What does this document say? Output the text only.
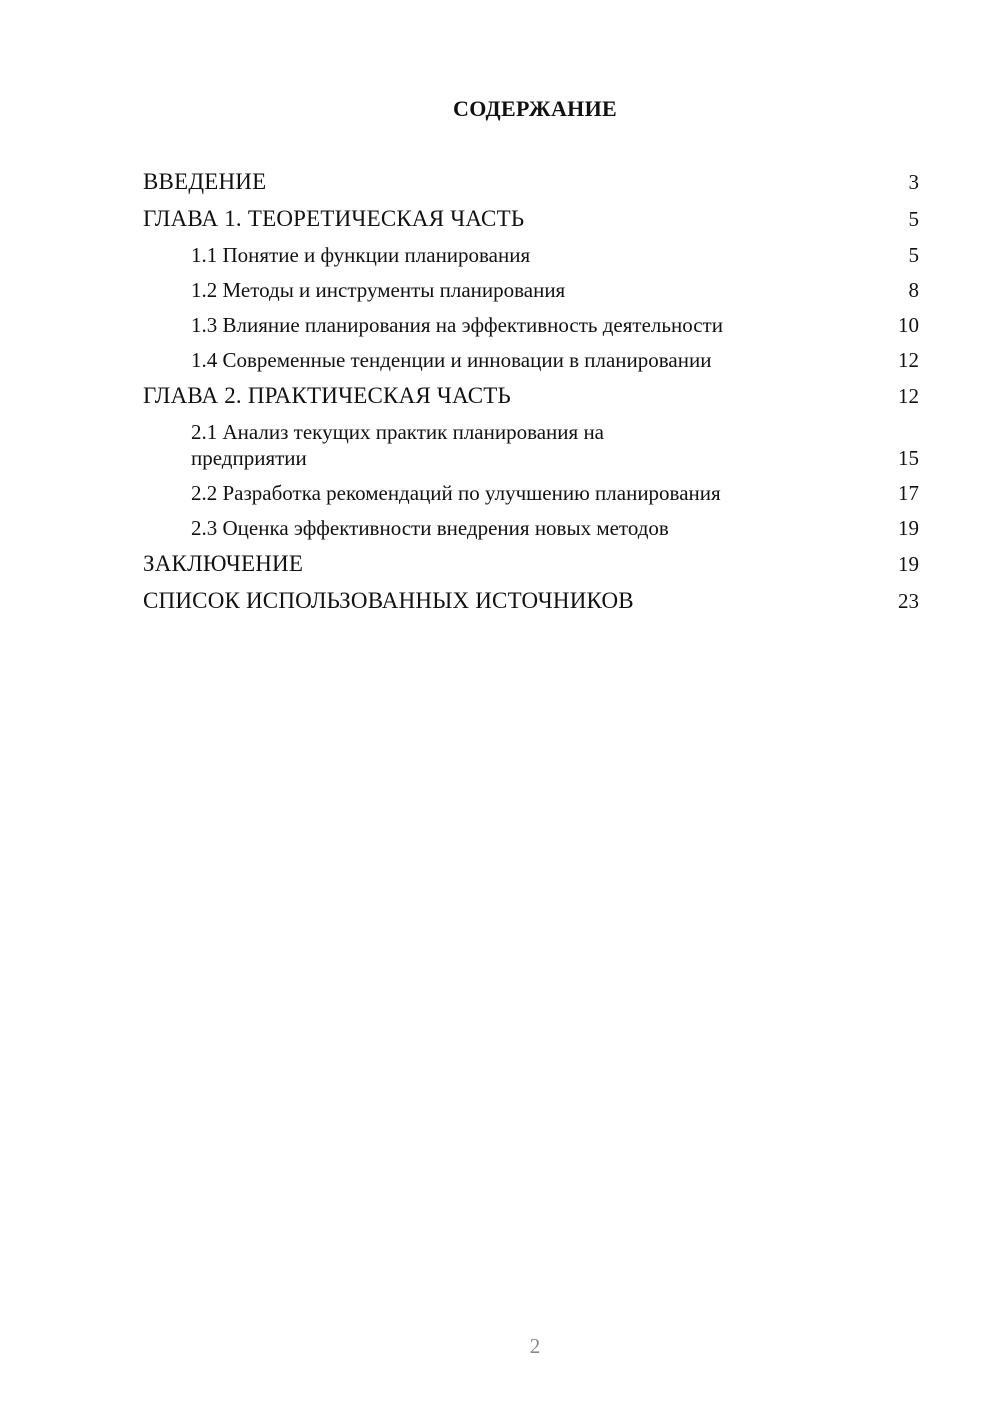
СОДЕРЖАНИЕ
ВВЕДЕНИЕ	3
ГЛАВА 1. ТЕОРЕТИЧЕСКАЯ ЧАСТЬ	5
1.1 Понятие и функции планирования	5
1.2 Методы и инструменты планирования	8
1.3 Влияние планирования на эффективность деятельности	10
1.4 Современные тенденции и инновации в планировании	12
ГЛАВА 2. ПРАКТИЧЕСКАЯ ЧАСТЬ	12
2.1 Анализ текущих практик планирования на предприятии	15
2.2 Разработка рекомендаций по улучшению планирования	17
2.3 Оценка эффективности внедрения новых методов	19
ЗАКЛЮЧЕНИЕ	19
СПИСОК ИСПОЛЬЗОВАННЫХ ИСТОЧНИКОВ	23
2
